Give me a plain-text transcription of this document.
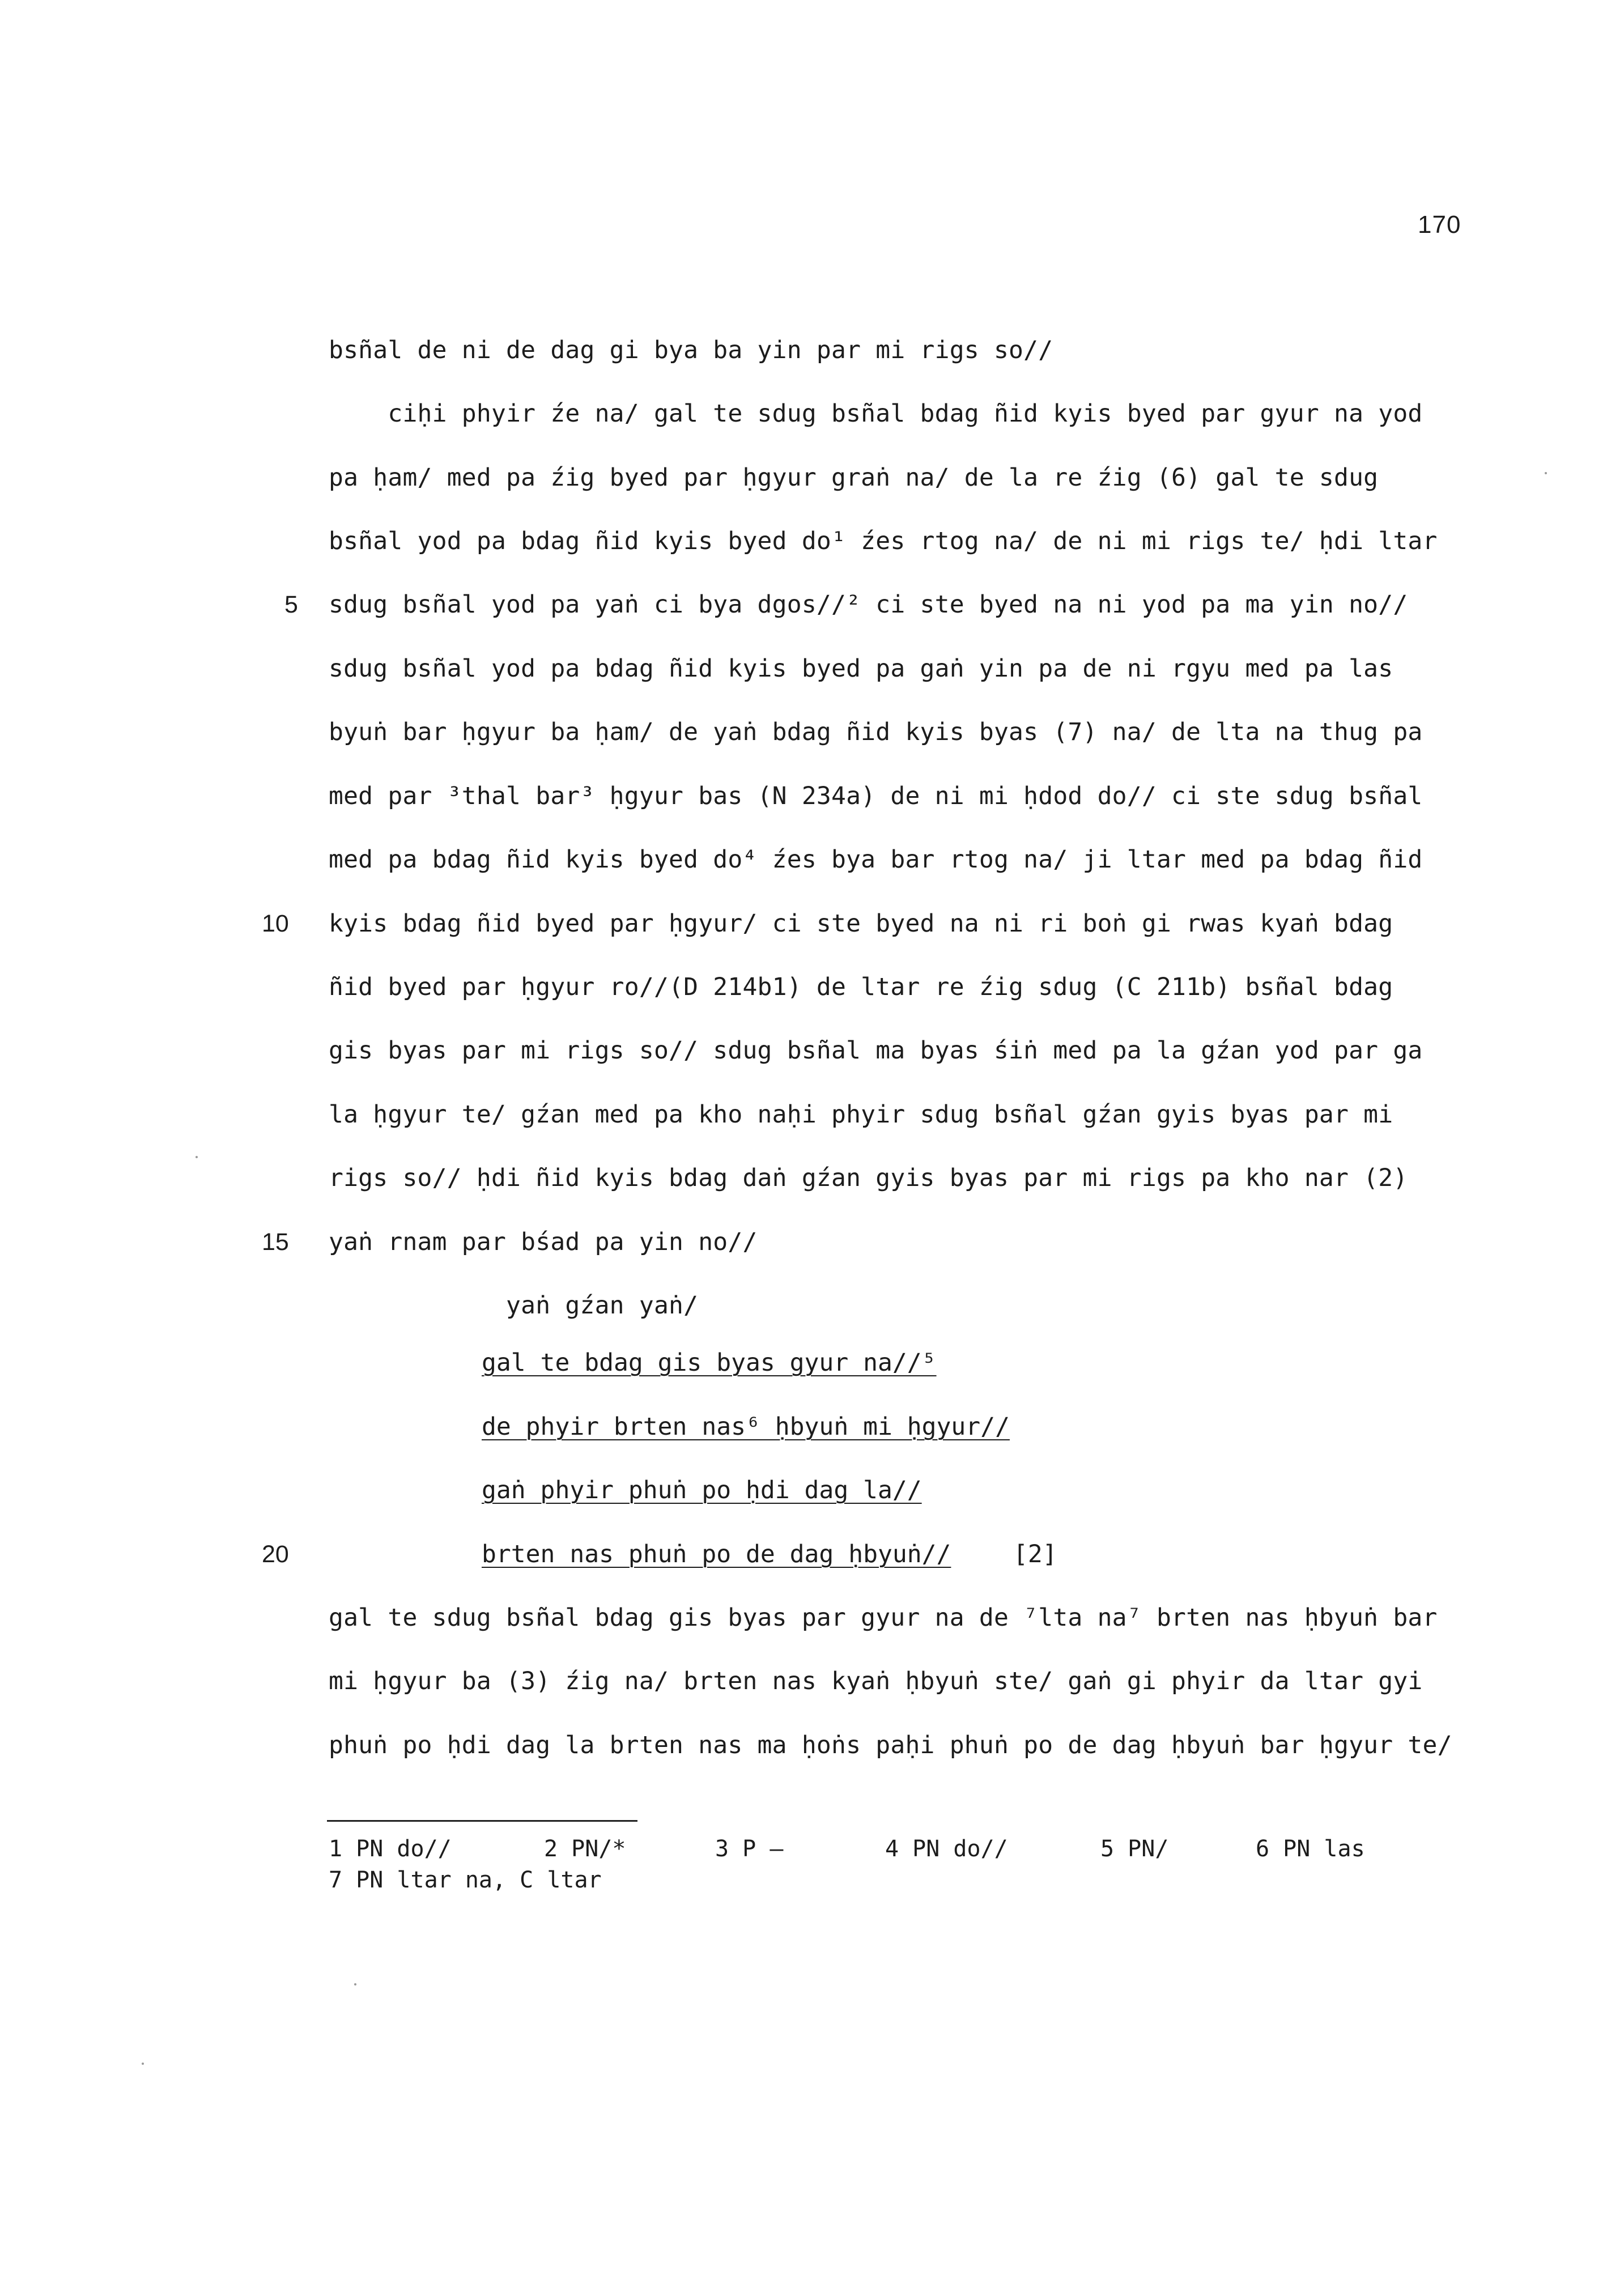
170
bsñal de ni de dag gi bya ba yin par mi rigs so//
ciḥi phyir źe na/ gal te sdug bsñal bdag ñid kyis byed par gyur na yod
pa ḥam/ med pa źig byed par ḥgyur graṅ na/ de la re źig (6) gal te sdug
bsñal yod pa bdag ñid kyis byed do¹ źes rtog na/ de ni mi rigs te/ ḥdi ltar
sdug bsñal yod pa yaṅ ci bya dgos//² ci ste byed na ni yod pa ma yin no//
sdug bsñal yod pa bdag ñid kyis byed pa gaṅ yin pa de ni rgyu med pa las
byuṅ bar ḥgyur ba ḥam/ de yaṅ bdag ñid kyis byas (7) na/ de lta na thug pa
med par ³thal bar³ ḥgyur bas (N 234a) de ni mi ḥdod do// ci ste sdug bsñal
med pa bdag ñid kyis byed do⁴ źes bya bar rtog na/ ji ltar med pa bdag ñid
kyis bdag ñid byed par ḥgyur/ ci ste byed na ni ri boṅ gi rwas kyaṅ bdag
ñid byed par ḥgyur ro//(D 214b1) de ltar re źig sdug (C 211b) bsñal bdag
gis byas par mi rigs so// sdug bsñal ma byas śiṅ med pa la gźan yod par ga
la ḥgyur te/ gźan med pa kho naḥi phyir sdug bsñal gźan gyis byas par mi
rigs so// ḥdi ñid kyis bdag daṅ gźan gyis byas par mi rigs pa kho nar (2)
yaṅ rnam par bśad pa yin no//
yaṅ gźan yaṅ/
5
10
15
20
gal te bdag gis byas gyur na//⁵
de phyir brten nas⁶ ḥbyuṅ mi ḥgyur//
gaṅ phyir phuṅ po ḥdi dag la//
brten nas phuṅ po de dag ḥbyuṅ//	[2]
gal te sdug bsñal bdag gis byas par gyur na de ⁷lta na⁷ brten nas ḥbyuṅ bar
mi ḥgyur ba (3) źig na/ brten nas kyaṅ ḥbyuṅ ste/ gaṅ gi phyir da ltar gyi
phuṅ po ḥdi dag la brten nas ma ḥoṅs paḥi phuṅ po de dag ḥbyuṅ bar ḥgyur te/
1 PN do//	2 PN/*	3 P —	4 PN do//	5 PN/	6 PN las
7 PN ltar na, C ltar
